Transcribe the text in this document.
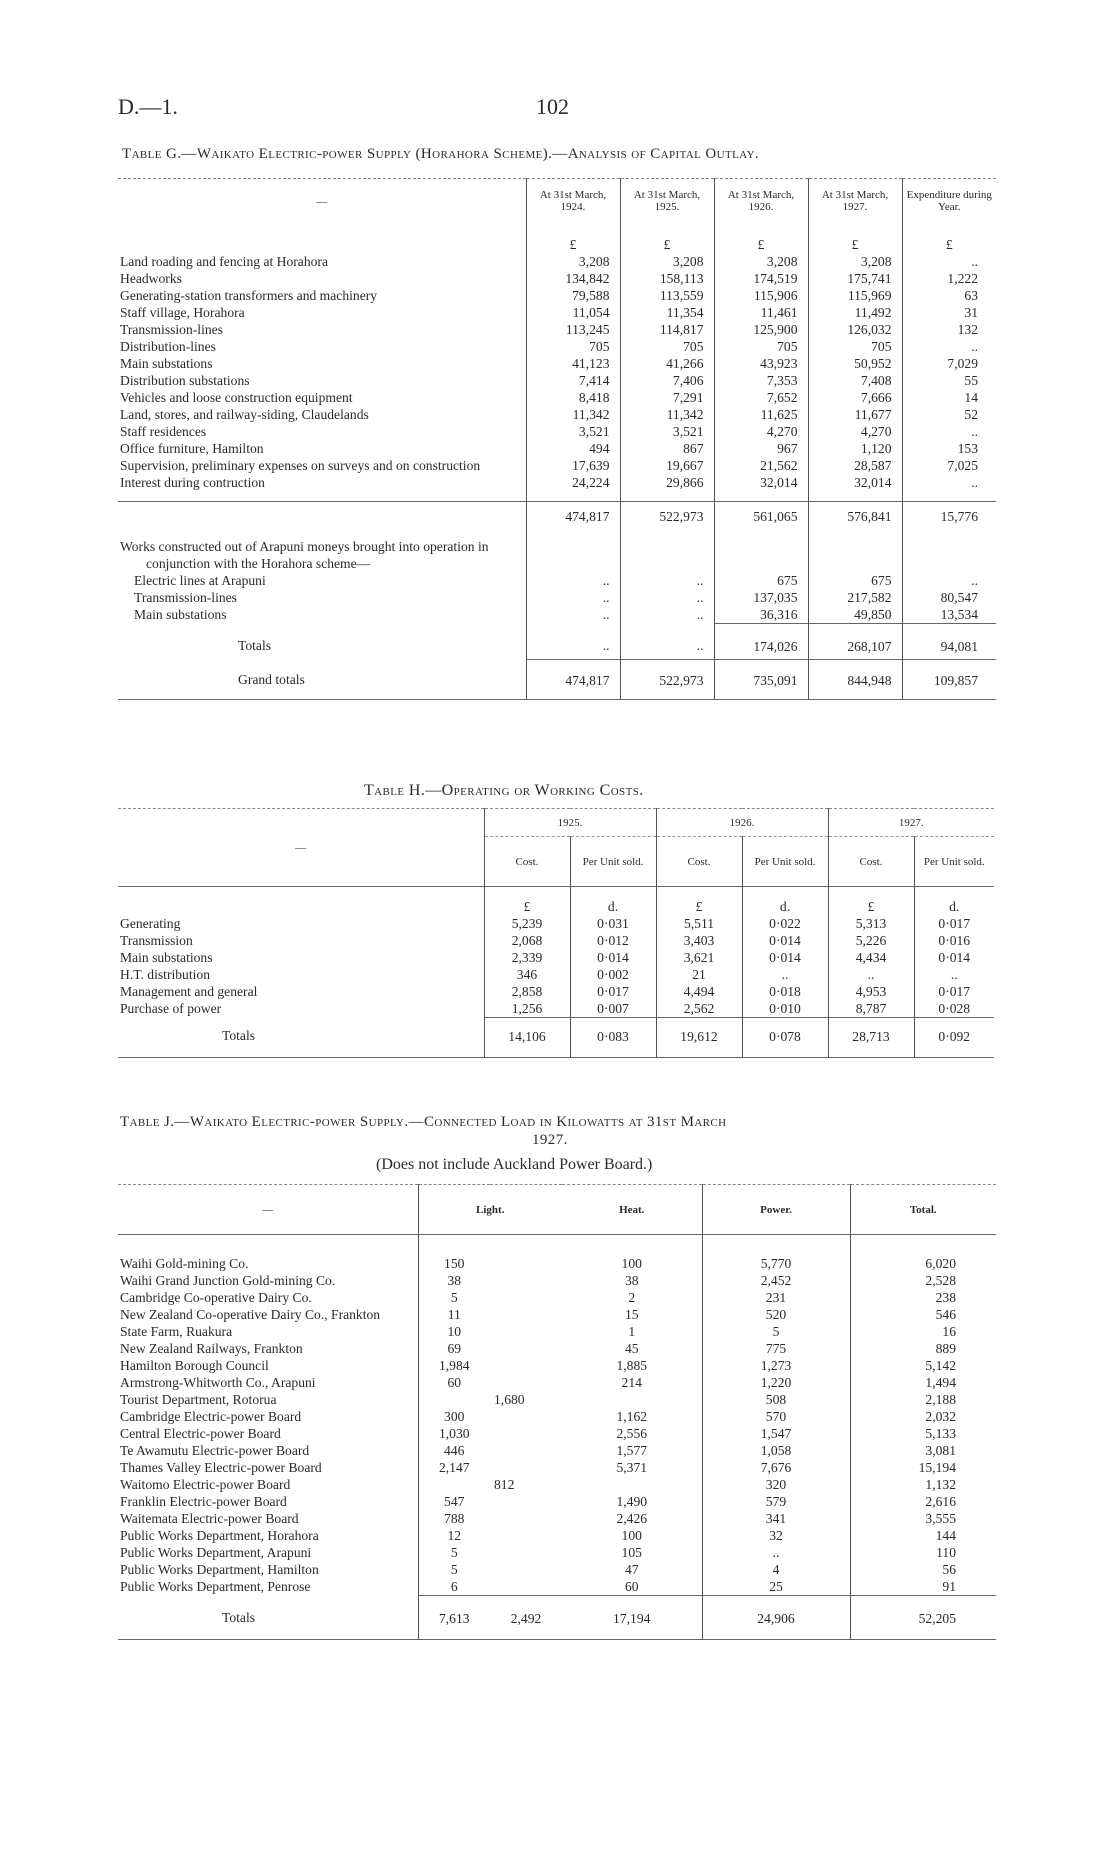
D.—1.	102
Table G.—Waikato Electric-power Supply (Horahora Scheme).—Analysis of Capital Outlay.
—	At 31st March, 1924.	At 31st March, 1925.	At 31st March, 1926.	At 31st March, 1927.	Expenditure during Year.
	£	£	£	£	£
Land roading and fencing at Horahora	3,208	3,208	3,208	3,208	..
Headworks	134,842	158,113	174,519	175,741	1,222
Generating-station transformers and machinery	79,588	113,559	115,906	115,969	63
Staff village, Horahora	11,054	11,354	11,461	11,492	31
Transmission-lines	113,245	114,817	125,900	126,032	132
Distribution-lines	705	705	705	705	..
Main substations	41,123	41,266	43,923	50,952	7,029
Distribution substations	7,414	7,406	7,353	7,408	55
Vehicles and loose construction equipment	8,418	7,291	7,652	7,666	14
Land, stores, and railway-siding, Claudelands	11,342	11,342	11,625	11,677	52
Staff residences	3,521	3,521	4,270	4,270	..
Office furniture, Hamilton	494	867	967	1,120	153
Supervision, preliminary expenses on surveys and on construction	17,639	19,667	21,562	28,587	7,025
Interest during contruction	24,224	29,866	32,014	32,014	..
	474,817	522,973	561,065	576,841	15,776
Works constructed out of Arapuni moneys brought into operation in conjunction with the Horahora scheme—					
Electric lines at Arapuni	..	..	675	675	..
Transmission-lines	..	..	137,035	217,582	80,547
Main substations	..	..	36,316	49,850	13,534
Totals	..	..	174,026	268,107	94,081
Grand totals	474,817	522,973	735,091	844,948	109,857
Table H.—Operating or Working Costs.
—	1925.		1926.		1927.	
	Cost.	Per Unit sold.	Cost.	Per Unit sold.	Cost.	Per Unit sold.
	£	d.	£	d.	£	d.
Generating	5,239	0·031	5,511	0·022	5,313	0·017
Transmission	2,068	0·012	3,403	0·014	5,226	0·016
Main substations	2,339	0·014	3,621	0·014	4,434	0·014
H.T. distribution	346	0·002	21	..	..	..
Management and general	2,858	0·017	4,494	0·018	4,953	0·017
Purchase of power	1,256	0·007	2,562	0·010	8,787	0·028
Totals	14,106	0·083	19,612	0·078	28,713	0·092
Table J.—Waikato Electric-power Supply.—Connected Load in Kilowatts at 31st March
1927.
(Does not include Auckland Power Board.)
—	Light.		Heat.	Power.	Total.

Waihi Gold-mining Co.	150		100	5,770	6,020
Waihi Grand Junction Gold-mining Co.	38		38	2,452	2,528
Cambridge Co-operative Dairy Co.	5		2	231	238
New Zealand Co-operative Dairy Co., Frankton	11		15	520	546
State Farm, Ruakura	10		1	5	16
New Zealand Railways, Frankton	69		45	775	889
Hamilton Borough Council	1,984		1,885	1,273	5,142
Armstrong-Whitworth Co., Arapuni	60		214	1,220	1,494
Tourist Department, Rotorua		1,680		508	2,188
Cambridge Electric-power Board	300		1,162	570	2,032
Central Electric-power Board	1,030		2,556	1,547	5,133
Te Awamutu Electric-power Board	446		1,577	1,058	3,081
Thames Valley Electric-power Board	2,147		5,371	7,676	15,194
Waitomo Electric-power Board		812		320	1,132
Franklin Electric-power Board	547		1,490	579	2,616
Waitemata Electric-power Board	788		2,426	341	3,555
Public Works Department, Horahora	12		100	32	144
Public Works Department, Arapuni	5		105	..	110
Public Works Department, Hamilton	5		47	4	56
Public Works Department, Penrose	6		60	25	91
Totals	7,613	2,492	17,194	24,906	52,205
